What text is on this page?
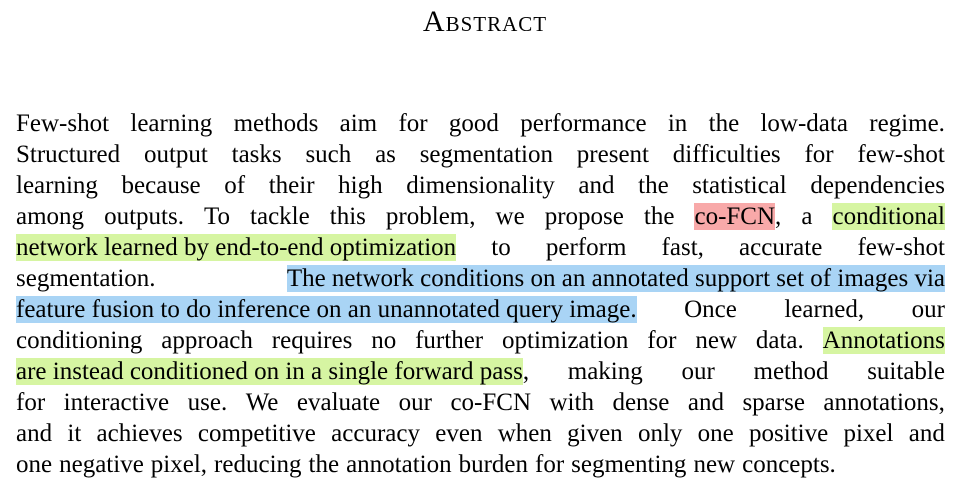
Abstract
Few-shot learning methods aim for good performance in the low-data regime.
Structured output tasks such as segmentation present difficulties for few-shot
learning because of their high dimensionality and the statistical dependencies
among outputs. To tackle this problem, we propose the co-FCN, a conditional
network learned by end-to-end optimization to perform fast, accurate few-shot
segmentation.	The network conditions on an annotated support set of images via
feature fusion to do inference on an unannotated query image. Once learned, our
conditioning approach requires no further optimization for new data. Annotations
are instead conditioned on in a single forward pass, making our method suitable
for interactive use. We evaluate our co-FCN with dense and sparse annotations,
and it achieves competitive accuracy even when given only one positive pixel and
one negative pixel, reducing the annotation burden for segmenting new concepts.
